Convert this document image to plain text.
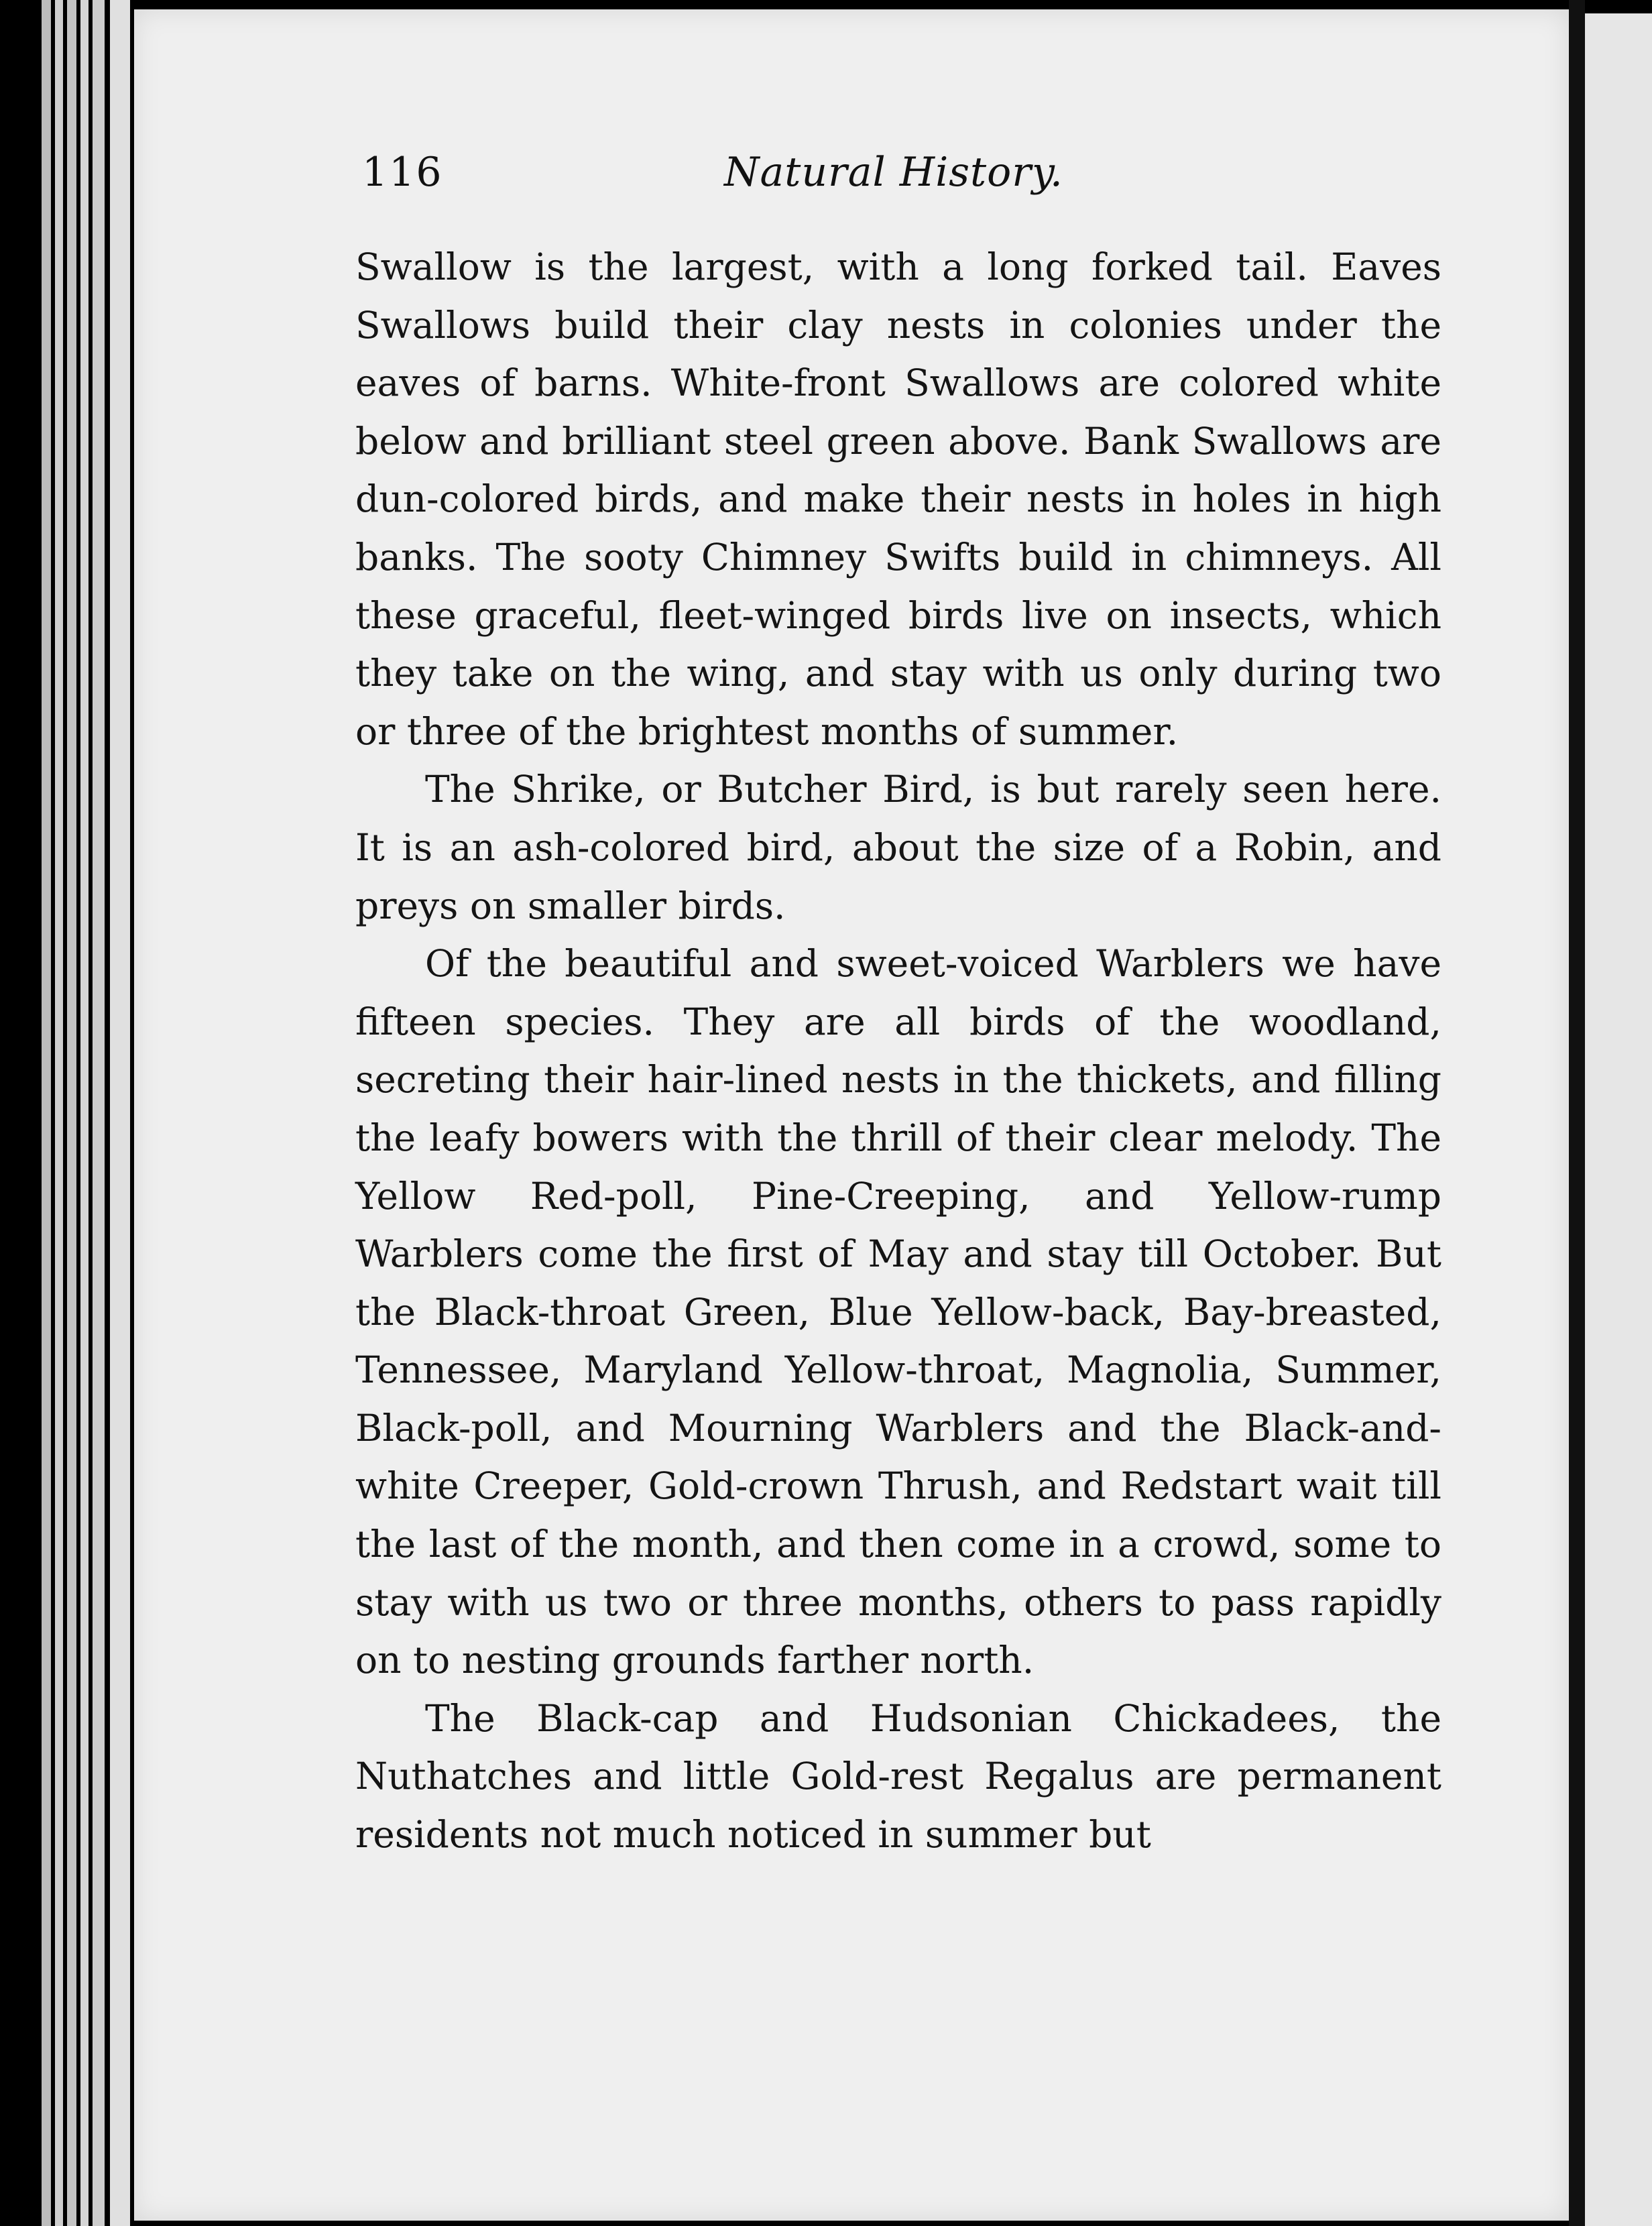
116	Natural History.

Swallow is the largest, with a long forked tail. Eaves Swallows build their clay nests in colonies under the eaves of barns. White-front Swallows are colored white below and brilliant steel green above. Bank Swallows are dun-colored birds, and make their nests in holes in high banks. The sooty Chimney Swifts build in chimneys. All these graceful, fleet-winged birds live on insects, which they take on the wing, and stay with us only during two or three of the brightest months of summer.

The Shrike, or Butcher Bird, is but rarely seen here. It is an ash-colored bird, about the size of a Robin, and preys on smaller birds.

Of the beautiful and sweet-voiced Warblers we have fifteen species. They are all birds of the woodland, secreting their hair-lined nests in the thickets, and filling the leafy bowers with the thrill of their clear melody. The Yellow Red-poll, Pine-Creeping, and Yellow-rump Warblers come the first of May and stay till October. But the Black-throat Green, Blue Yellow-back, Bay-breasted, Tennessee, Maryland Yellow-throat, Magnolia, Summer, Black-poll, and Mourning Warblers and the Black-and-white Creeper, Gold-crown Thrush, and Redstart wait till the last of the month, and then come in a crowd, some to stay with us two or three months, others to pass rapidly on to nesting grounds farther north.

The Black-cap and Hudsonian Chickadees, the Nuthatches and little Gold-rest Regalus are permanent residents not much noticed in summer but
